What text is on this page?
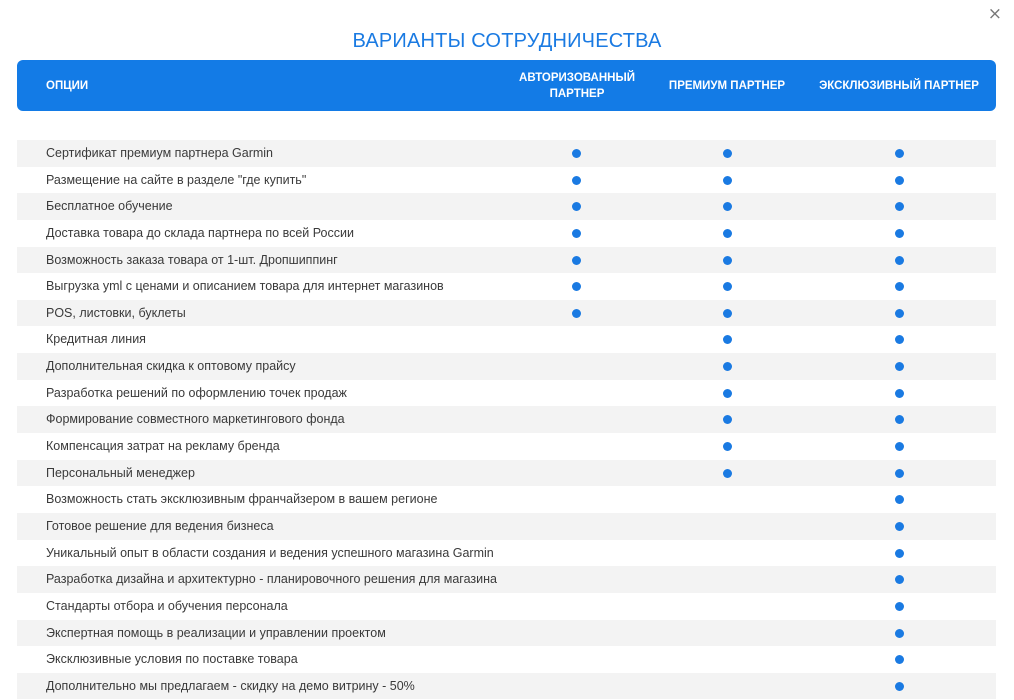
×
ВАРИАНТЫ СОТРУДНИЧЕСТВА
ОПЦИИ
АВТОРИЗОВАННЫЙ ПАРТНЕР
ПРЕМИУМ ПАРТНЕР	ЭКСКЛЮЗИВНЫЙ ПАРТНЕР
Сертификат премиум партнера Garmin
Размещение на сайте в разделе "где купить"
Бесплатное обучение
Доставка товара до склада партнера по всей России
Возможность заказа товара от 1-шт. Дропшиппинг
Выгрузка yml с ценами и описанием товара для интернет магазинов
POS, листовки, буклеты
Кредитная линия
Дополнительная скидка к оптовому прайсу
Разработка решений по оформлению точек продаж
Формирование совместного маркетингового фонда
Компенсация затрат на рекламу бренда
Персональный менеджер
Возможность стать эксклюзивным франчайзером в вашем регионе
Готовое решение для ведения бизнеса
Уникальный опыт в области создания и ведения успешного магазина Garmin
Разработка дизайна и архитектурно - планировочного решения для магазина
Стандарты отбора и обучения персонала
Экспертная помощь в реализации и управлении проектом
Эксклюзивные условия по поставке товара
Дополнительно мы предлагаем - скидку на демо витрину - 50%
